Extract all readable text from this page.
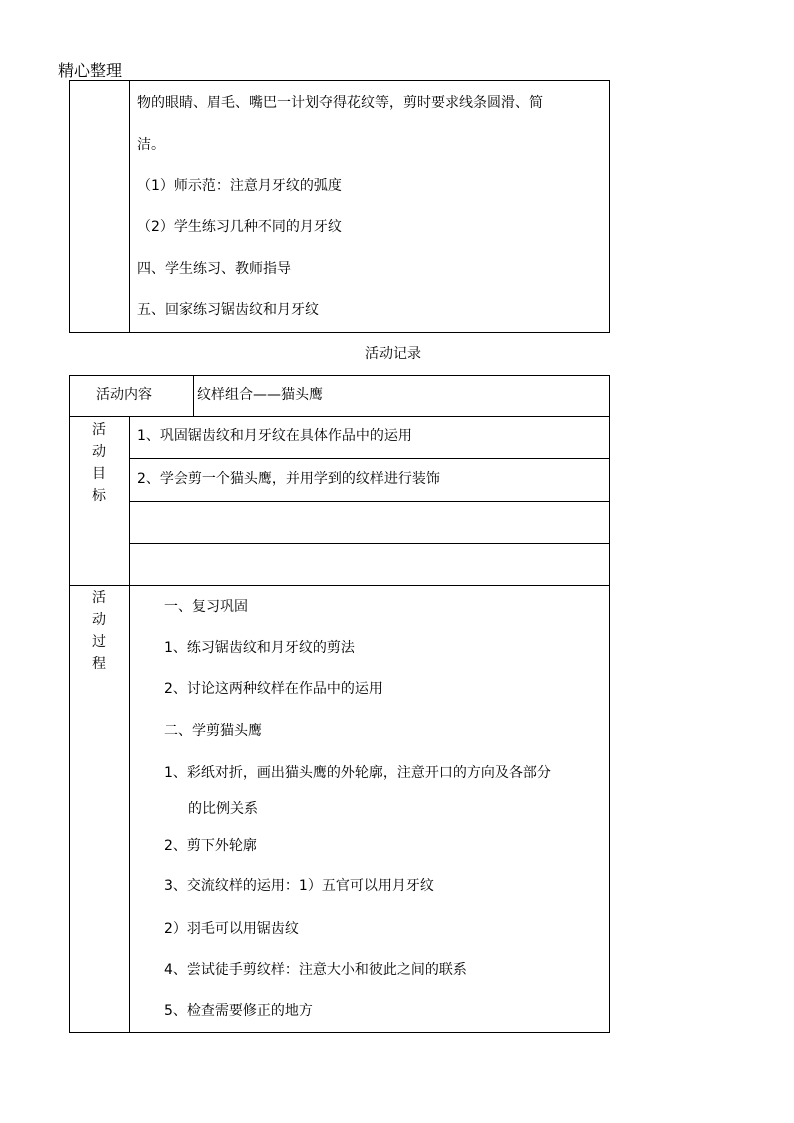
精心整理
物的眼睛、眉毛、嘴巴一计划夺得花纹等，剪时要求线条圆滑、简
洁。
（1）师示范：注意月牙纹的弧度
（2）学生练习几种不同的月牙纹
四、学生练习、教师指导
五、回家练习锯齿纹和月牙纹
活动记录
活动内容	纹样组合——猫头鹰
活动目标
1、巩固锯齿纹和月牙纹在具体作品中的运用
2、学会剪一个猫头鹰，并用学到的纹样进行装饰
活动过程
一、复习巩固
1、练习锯齿纹和月牙纹的剪法
2、讨论这两种纹样在作品中的运用
二、学剪猫头鹰
1、彩纸对折，画出猫头鹰的外轮廓，注意开口的方向及各部分
的比例关系
2、剪下外轮廓
3、交流纹样的运用：1）五官可以用月牙纹
2）羽毛可以用锯齿纹
4、尝试徒手剪纹样：注意大小和彼此之间的联系
5、检查需要修正的地方
